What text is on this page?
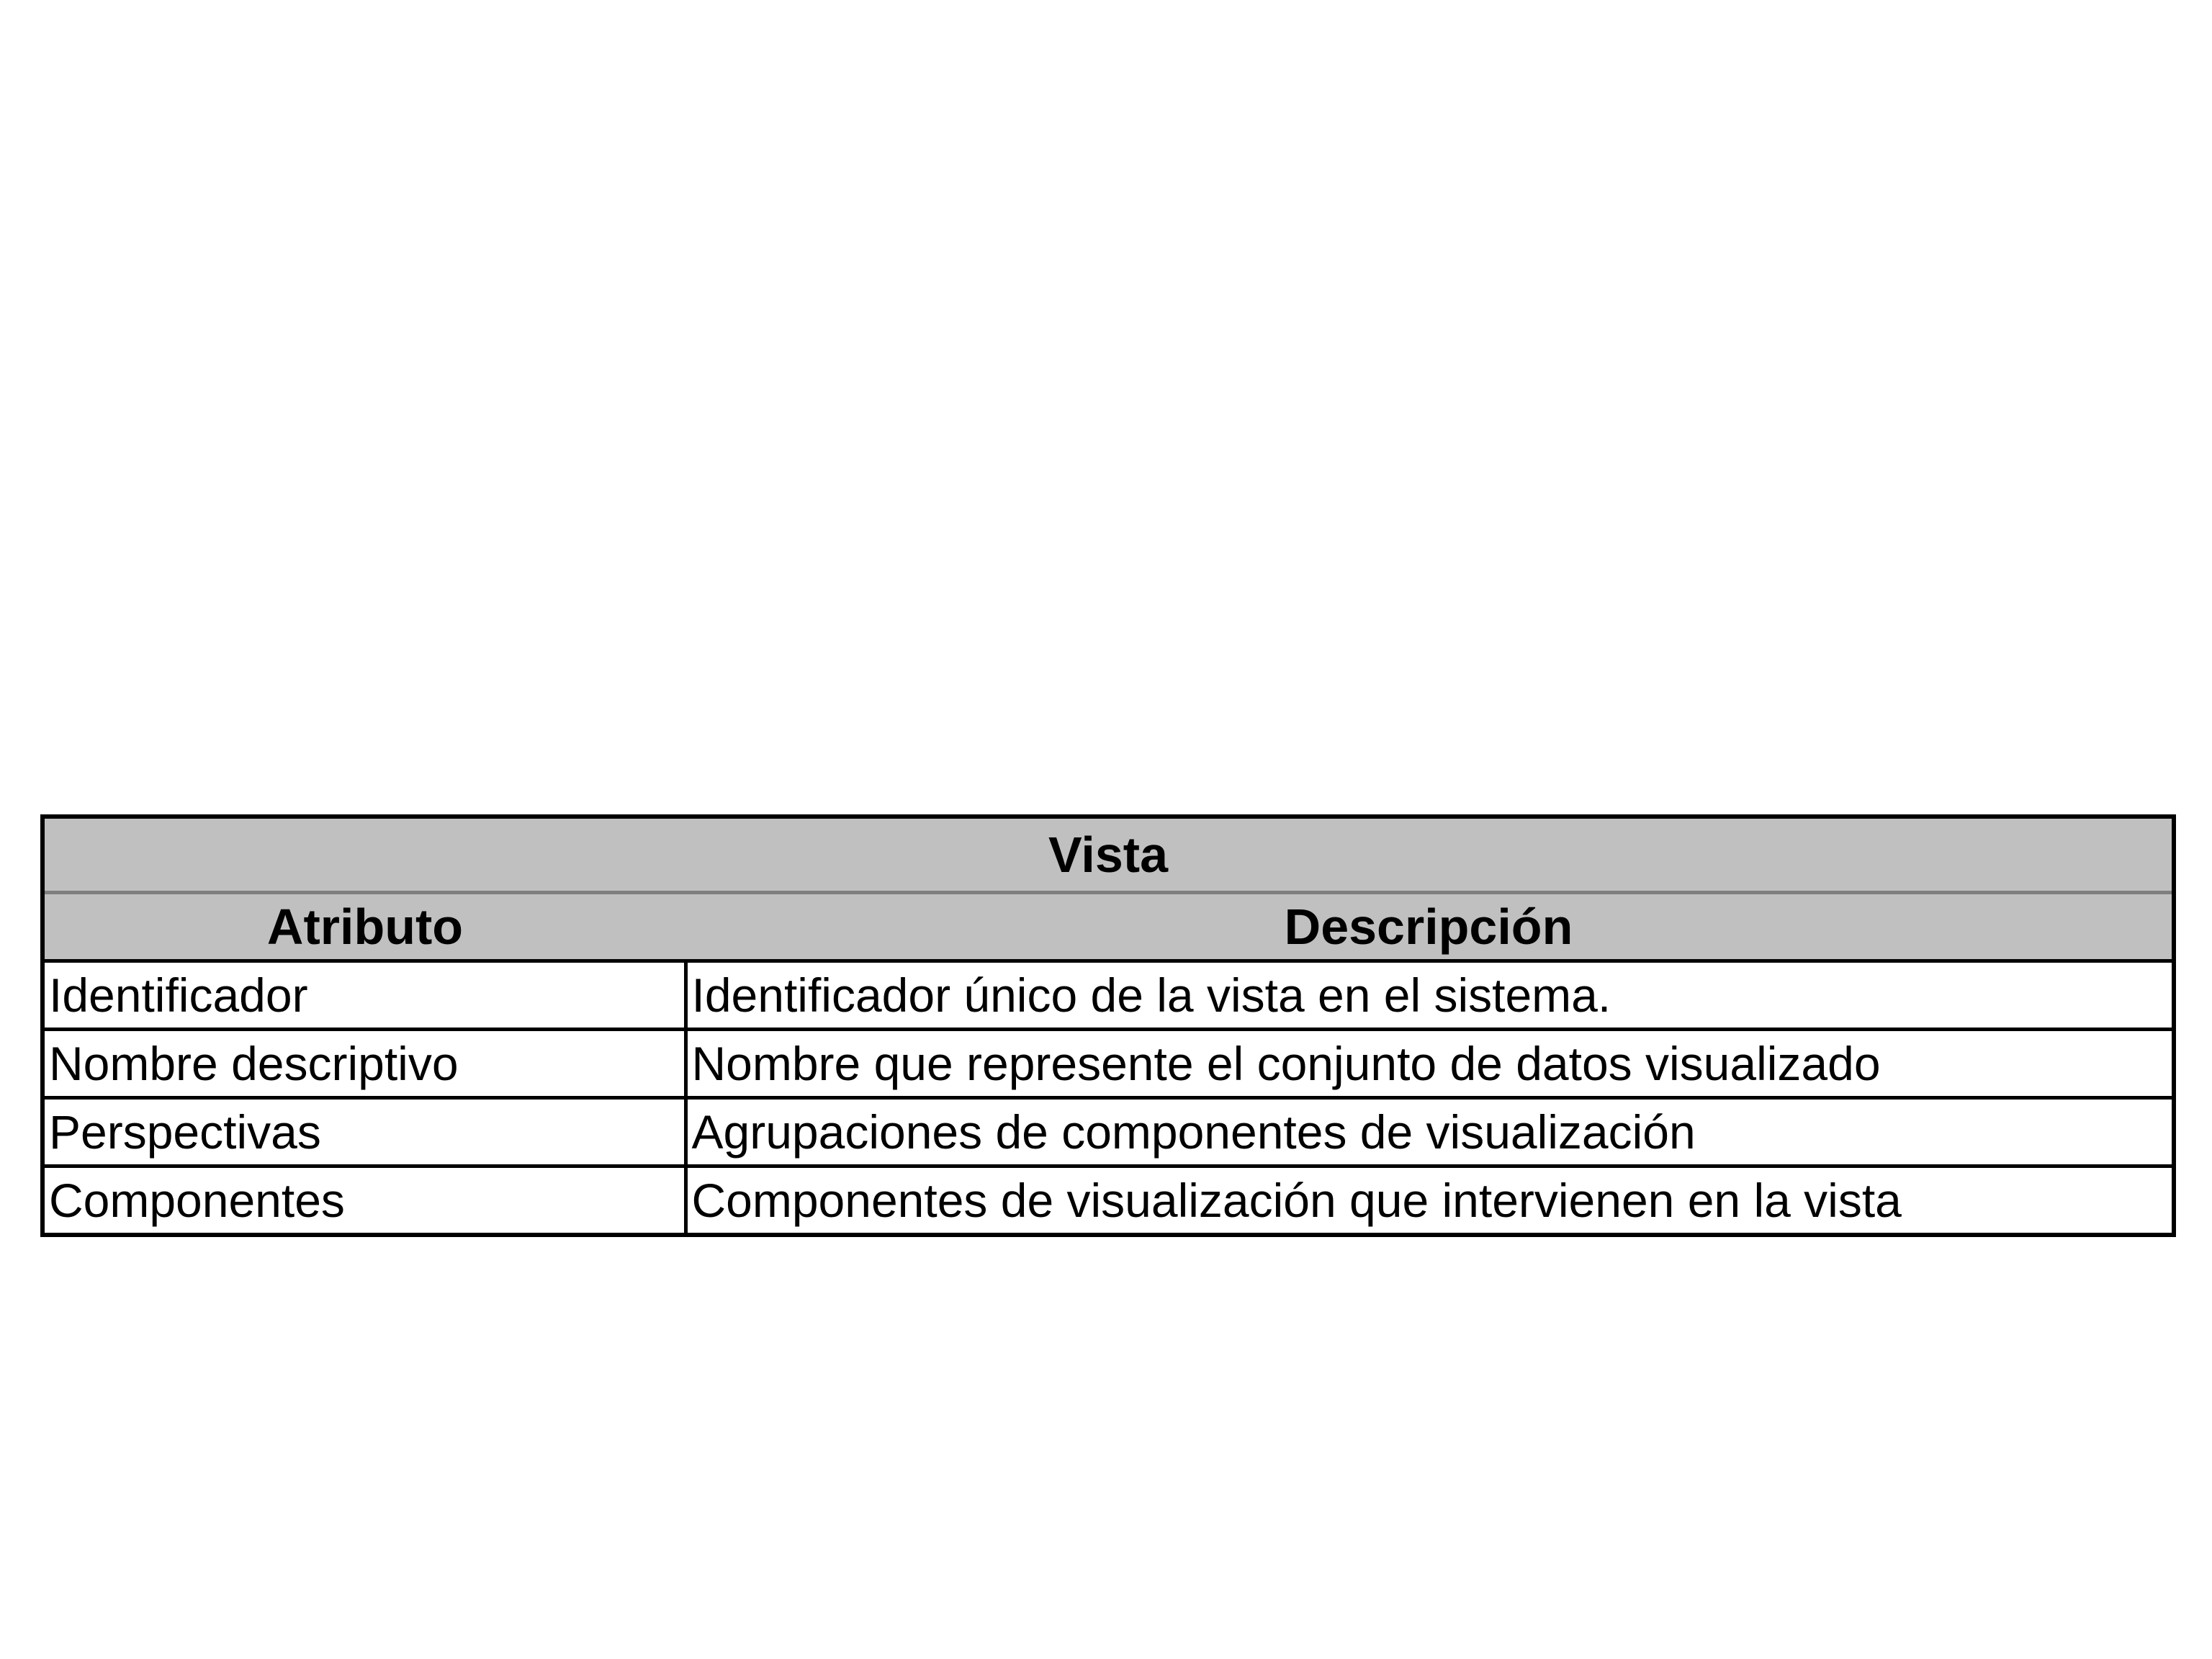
Vista	
Atributo	Descripción
Identificador	Identificador único de la vista en el sistema.
Nombre descriptivo	Nombre que represente el conjunto de datos visualizado
Perspectivas	Agrupaciones de componentes de visualización
Componentes	Componentes de visualización que intervienen en la vista
